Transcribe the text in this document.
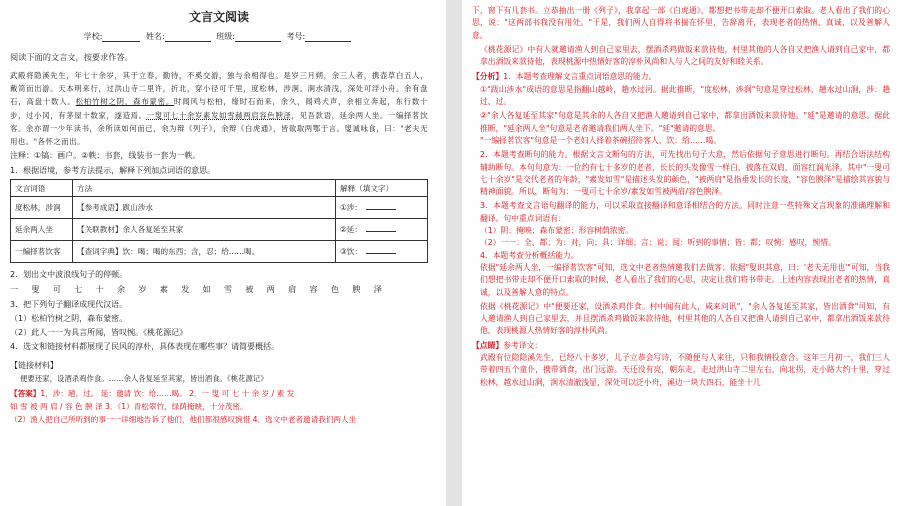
文言文阅读
学校:	姓名:	班级:	考号:
阅读下面的文言文，按要求作答。
武殿将隐溪先生，年七十余岁，其于立春，勤待，不奚交游，独与余相得也。是岁三月朔，余三人者，携壶草白五人，戴笥而出游。天本明来行，过洪山寺二里许，折北，穿小径可千里，度松林，涉涧。涧水清浅，深处可浮小舟。余有盘石，高盘十数人。松柏竹树之阴，森布蒙密。时闻风与松柏，缘时石而来，余久，闻鸡犬声，余相立奔起，东行数十步，过小冈，有茅屋十数家，遂造焉。一叟可七十余岁素发如雪赪两肩容色腴泽，见吾款语，延余两人坐。一编择茗饮客。余亦谓一少年读书，余所读如何而已，余为辩《列子》，余辩《白虎通》，皆欲取两鄂于言。叟诚咏食，曰："老夫无用也。"各怀之而出。
注释：①镐：画户。②帙：书套，线装书一套为一帙。
1．根据语境，参考方法提示，解释下列加点词语的意思。
文言词语	方法	解释（填文字）
度松林，涉涧	【参考成语】跋山涉水	①涉：
延余两人坐	【关联教材】余人各复延至其家	②延：
一编择茗饮客	【查词字典】饮：喝；喝的东西；含，忍；给……喝。	③饮：
2．划出文中波浪线句子的停顿。
一 叟 可 七 十 余 岁 素 发 如 雪 被 两 肩 容 色 腴 泽
3．把下列句子翻译成现代汉语。
（1）松柏竹树之阴，森布蒙密。
（2）此人一一为具言所闻，皆叹惋。《桃花源记》
4．选文和链接材料都展现了民风的淳朴，具体表现在哪些事？请简要概括。
【链接材料】
便要还家，设酒杀鸡作食。……余人各复延至其家，皆出酒食。《桃花源记》
【答案】1．涉：趟，过。 延：邀请 饮：给……喝。 2．一 叟 可 七 十 余 岁 / 素 发
如 雪 被 两 肩 / 容 色 腴 泽 3．（1）青松翠竹，绿荫掩映，十分茂密。
（2）渔人把自己所听到的事一一详细地告诉了他们，他们都很感叹惋惜 4．选文中老者邀请我们两人坐
下，窗下有几套书。立恭抽出一册《列子》，我拿起一部《白虎通》，都想把书带走却不便开口索取。老人看出了我们的心思，说："这两部书我没有用处。"于是，我们两人自得将书揣在怀里，告辞离开，表现老者的热情、真诚，以及善解人意。
《桃花源记》中有人就邀请渔人到自己家里去，摆酒杀鸡做饭来款待他，村里其他的人各自又把渔人请到自己家中，都拿出酒饭来款待他，表现桃源中热情好客的淳朴风尚和人与人之间的友好和睦关系。
【分析】1．本题考查理解文言重点词语意思的能力。
①"跋山涉水"成语的意思是指翻山越岭，趟水过河。据此推断，"度松林，涉涧"句意是穿过松林，趟水过山涧，涉：趟过，过。
②"余人各复延至其家"句意是其余的人各自又把渔人邀请到自己家中，都拿出酒饭来款待他。"延"是邀请的意思。据此推断，"延余两人坐"句意是老者邀请我们两人坐下。"延"邀请的意思。
"一编择茗饮客"句意是一个老妇人择着茶碗招待客人，饮：给……喝。
2．本题考查断句的能力。根据文言文断句的方法，可先找出句子大意，然后依据句子意思进行断句。再结合语法结构辅助断句。本句句意为：一位约有七十多岁的老者，长长的头发像雪一样白，披落在双肩，面容红润光泽。其中"一叟可七十余岁"是交代老者的年龄，"素发如雪"是描述头发的颜色，"被两肩"是指垂发长的长度，"容色腴泽"是描绘其容貌与精神面貌。所以，断句为：一叟可七十余岁/素发如雪被两肩/容色腴泽。
3．本题考查文言语句翻译的能力，可以采取直接翻译和意译相结合的方法。同时注意一些特殊文言现象的准确理解和翻译。句中重点词语有：
（1）阴：掩映；森布蒙密：形容树荫浓密。
（2）一一：全、都；为：对，向；具：详细；言：说；闻：听到的事情；皆：都；叹惋：感叹，惋惜。
4．本题考查分析概括能力。
依据"延余两人坐，一编择茗饮客"可知，选文中老者热情邀我们去做客；依据"叟识其意，曰：'老夫无用也'"可知，当我们想把书带走却不便开口索取的时候，老人看出了我们的心思，决定让我们将书带走。上述内容表现出老者的热情，真诚，以及善解人意的特点。
依据《桃花源记》中"便要还家，设酒杀鸡作食。村中闻有此人，咸来问讯"，"余人各复延至其家，皆出酒食"可知，有人邀请渔人到自己家里去，并且摆酒杀鸡做饭来款待他，村里其他的人各自又把渔人请到自己家中，都拿出酒饭来款待他，表现桃源人热情好客的淳朴风尚。
【点睛】参考译文：
武殿有位隐隐溪先生，已经八十多岁，儿子立恭会写诗，不随便与人来往，只和我情投意合。这年三月初一，我们三人带着四五个童仆，携带酒食，出门远游。天还没有亮，朝东走，走过洪山寺二里左右，向北拐，走小路大约十里，穿过松林，越水过山涧，涧水清澈浅显，深处可以泛小舟，溪边一块大四石，能坐十几
